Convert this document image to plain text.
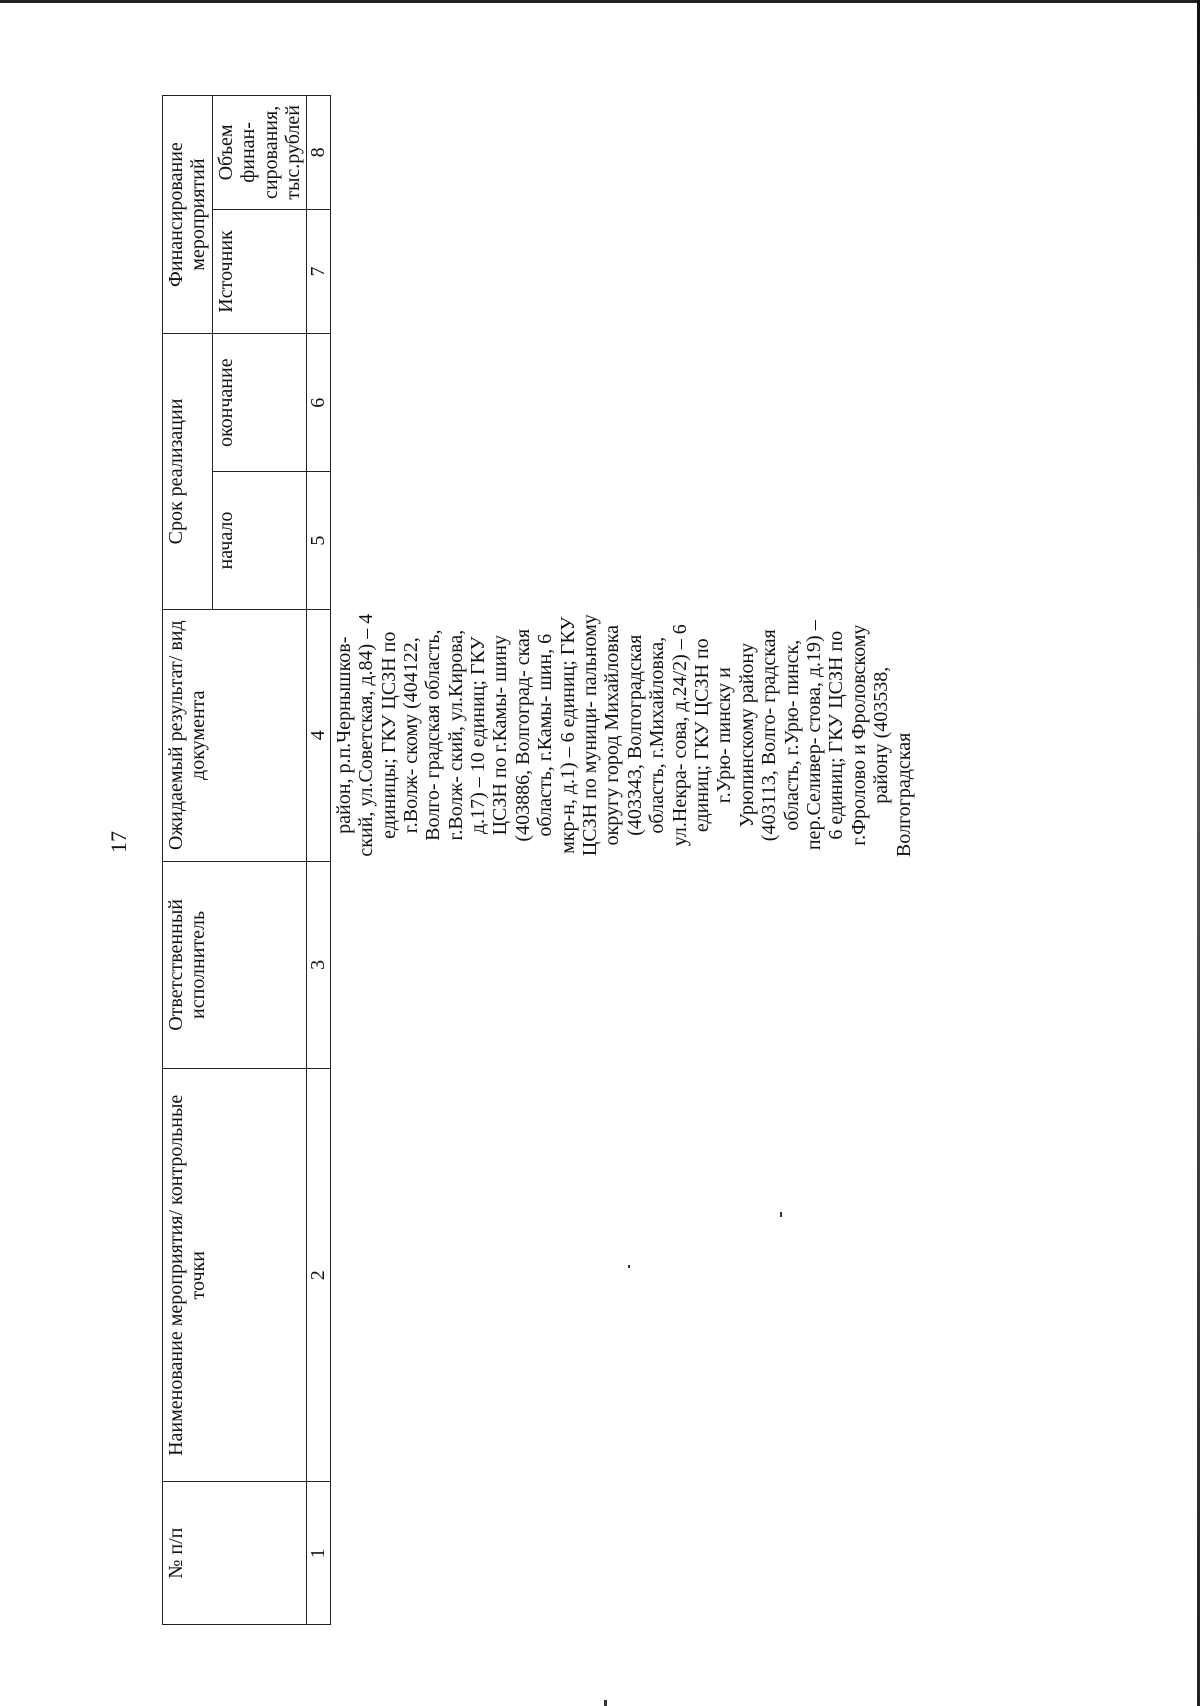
17
№ п/п	Наименование мероприятия/ контрольные точки	Ответственный исполнитель	Ожидаемый результат/ вид документа	Срок реализации		Финансирование мероприятий	
				начало	окончание	Источник	Объем финан- сирования, тыс.рублей
1	2	3	4	5	6	7	8
			район, р.п.Чернышков- ский, ул.Советская, д.84) – 4 единицы; ГКУ ЦСЗН по г.Волж- скому (404122, Волго- градская область, г.Волж- ский, ул.Кирова, д.17) – 10 единиц; ГКУ ЦСЗН по г.Камы- шину (403886, Волгоград- ская область, г.Камы- шин, 6 мкр-н, д.1) – 6 единиц; ГКУ ЦСЗН по муници- пальному округу город Михайловка (403343, Волгоградская область, г.Михайловка, ул.Некра- сова, д.24/2) – 6 единиц; ГКУ ЦСЗН по г.Урю- пинску и Урюпинскому району (403113, Волго- градская область, г.Урю- пинск, пер.Селивер- стова, д.19) – 6 единиц; ГКУ ЦСЗН по г.Фролово и Фроловскому району (403538, Волгоградская				
